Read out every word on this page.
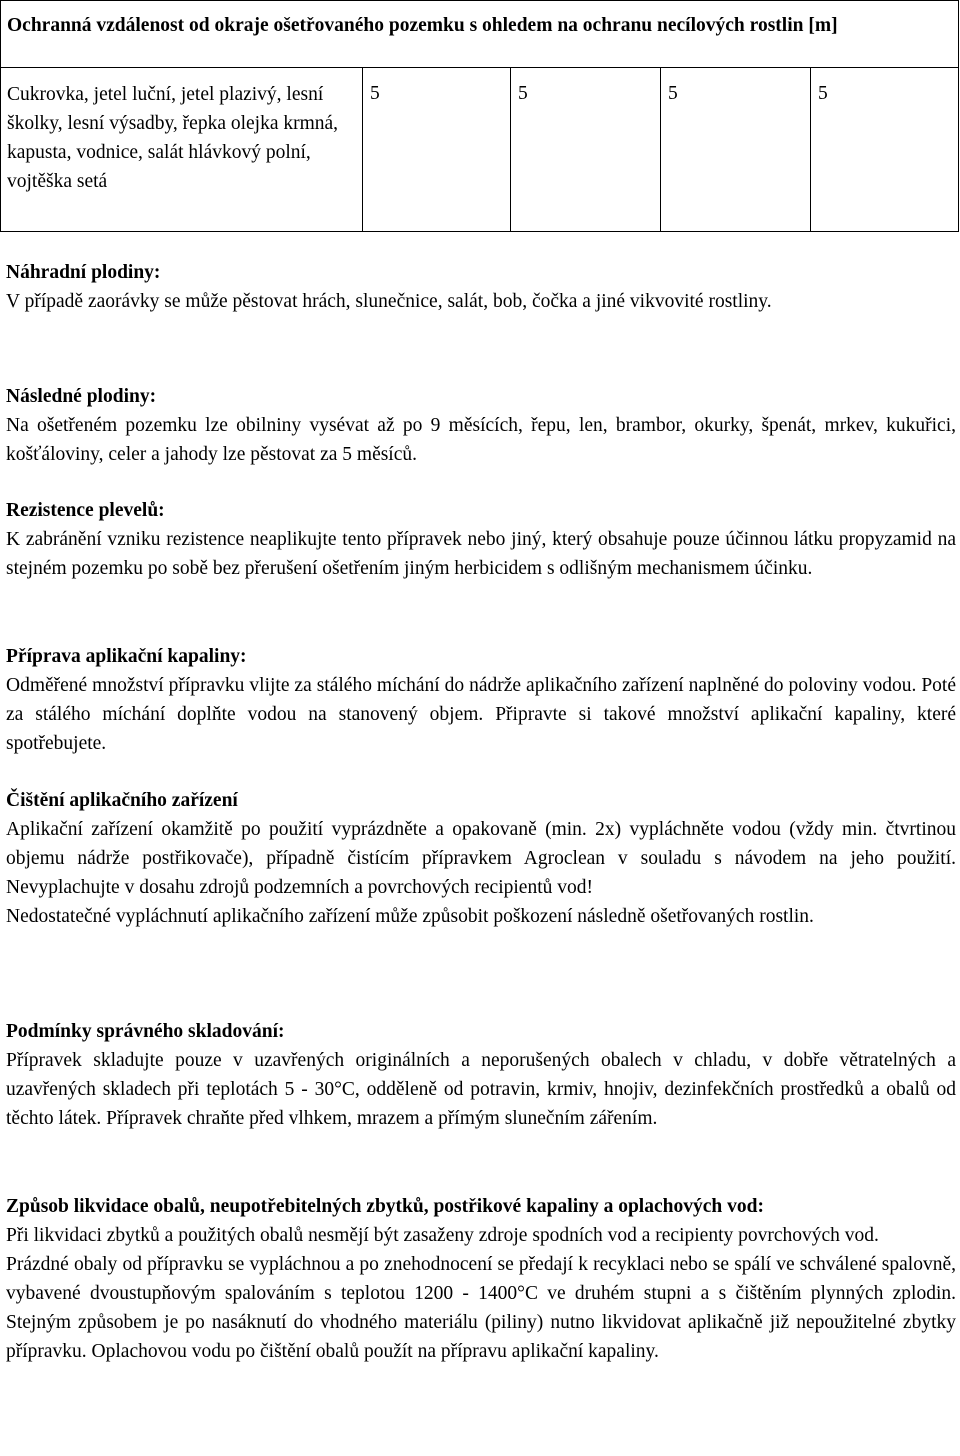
Ochranná vzdálenost od okraje ošetřovaného pozemku s ohledem na ochranu necílových rostlin [m]
Cukrovka, jetel luční, jetel plazivý, lesní školky, lesní výsadby, řepka olejka krmná, kapusta, vodnice, salát hlávkový polní, vojtěška setá	5	5	5	5
Náhradní plodiny:

V případě zaorávky se může pěstovat hrách, slunečnice, salát, bob, čočka a jiné vikvovité rostliny.

Následné plodiny:

Na ošetřeném pozemku lze obilniny vysévat až po 9 měsících, řepu, len, brambor, okurky, špenát, mrkev, kukuřici, košťáloviny, celer a jahody lze pěstovat za 5 měsíců.

Rezistence plevelů:

K zabránění vzniku rezistence neaplikujte tento přípravek nebo jiný, který obsahuje pouze účinnou látku propyzamid na stejném pozemku po sobě bez přerušení ošetřením jiným herbicidem s odlišným mechanismem účinku.

Příprava aplikační kapaliny:

Odměřené množství přípravku vlijte za stálého míchání do nádrže aplikačního zařízení naplněné do poloviny vodou. Poté za stálého míchání doplňte vodou na stanovený objem. Připravte si takové množství aplikační kapaliny, které spotřebujete.

Čištění aplikačního zařízení

Aplikační zařízení okamžitě po použití vyprázdněte a opakovaně (min. 2x) vypláchněte vodou (vždy min. čtvrtinou objemu nádrže postřikovače), případně čistícím přípravkem Agroclean v souladu s návodem na jeho použití. Nevyplachujte v dosahu zdrojů podzemních a povrchových recipientů vod!

Nedostatečné vypláchnutí aplikačního zařízení může způsobit poškození následně ošetřovaných rostlin.

Podmínky správného skladování:

Přípravek skladujte pouze v uzavřených originálních a neporušených obalech v chladu, v dobře větratelných a uzavřených skladech při teplotách 5 - 30°C, odděleně od potravin, krmiv, hnojiv, dezinfekčních prostředků a obalů od těchto látek. Přípravek chraňte před vlhkem, mrazem a přímým slunečním zářením.

Způsob likvidace obalů, neupotřebitelných zbytků, postřikové kapaliny a oplachových vod:

Při likvidaci zbytků a použitých obalů nesmějí být zasaženy zdroje spodních vod a recipienty povrchových vod.

Prázdné obaly od přípravku se vypláchnou a po znehodnocení se předají k recyklaci nebo se spálí ve schválené spalovně, vybavené dvoustupňovým spalováním s teplotou 1200 - 1400°C ve druhém stupni a s čištěním plynných zplodin. Stejným způsobem je po nasáknutí do vhodného materiálu (piliny) nutno likvidovat aplikačně již nepoužitelné zbytky přípravku. Oplachovou vodu po čištění obalů použít na přípravu aplikační kapaliny.
